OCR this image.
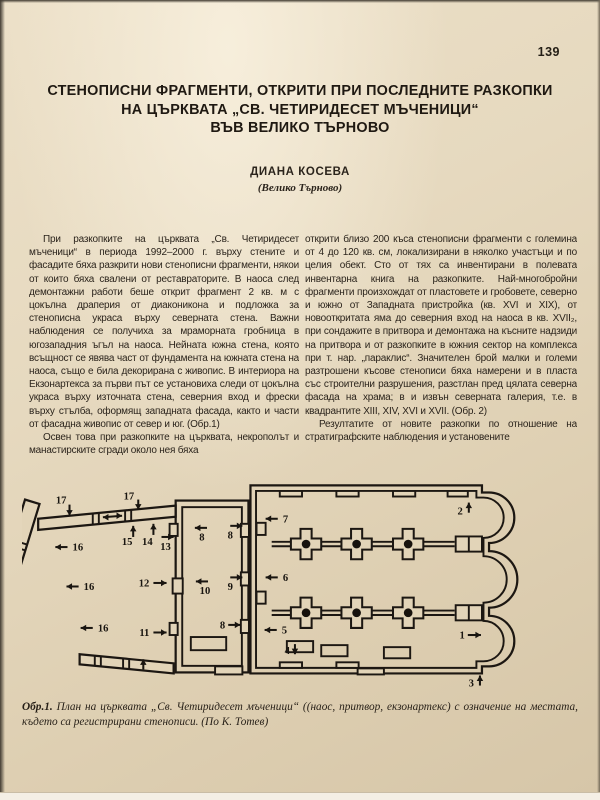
139
СТЕНОПИСНИ ФРАГМЕНТИ, ОТКРИТИ ПРИ ПОСЛЕДНИТЕ РАЗКОПКИ
НА ЦЪРКВАТА „СВ. ЧЕТИРИДЕСЕТ МЪЧЕНИЦИ“
ВЪВ ВЕЛИКО ТЪРНОВО
ДИАНА КОСЕВА
(Велико Търново)

При разкопките на църквата „Св. Четиридесет мъченици“ в периода 1992–2000 г. върху стените и фасадите бяха разкрити нови стенописни фрагменти, някои от които бяха свалени от реставраторите. В наоса след демонтажни работи беше открит фрагмент 2 кв. м с цокълна драперия от диаконикона и подложка за стенописна украса върху северната стена. Важни наблюдения се получиха за мраморната гробница в югозападния ъгъл на наоса. Нейната южна стена, която всъщност се явява част от фундамента на южната стена на наоса, също е била декорирана с живопис. В интериора на Екзонартекса за първи път се установиха следи от цокълна украса върху източната стена, северния вход и фрески върху стълба, оформящ западната фасада, както и части от фасадна живопис от север и юг. (Обр.1)

Освен това при разкопките на църквата, некрополът и манастирските сгради около нея бяха

открити близо 200 къса стенописни фрагменти с големина от 4 до 120 кв. см, локализирани в няколко участъци и по целия обект. Сто от тях са инвентирани в полевата инвентарна книга на разкопките. Най-многобройни фрагменти произхождат от пластовете и гробовете, северно и южно от Западната пристройка (кв. XVI и XIX), от новооткритата яма до северния вход на наоса в кв. XVII₂, при сондажите в притвора и демонтажа на късните надзиди на притвора и от разкопките в южния сектор на комплекса при т. нар. „параклис“. Значителен брой малки и големи разтрошени късове стенописи бяха намерени и в пласта със строителни разрушения, разстлан пред цялата северна фасада на храма; в и извън северната галерия, т.е. в квадрантите XIII, XIV, XVI и XVII. (Обр. 2)

Резултатите от новите разкопки по отношение на стратиграфските наблюдения и установените

17	17
15 14 13
16
16
16
12
11
8
10
8
9
8
7
6
5
4
2
1
3
Обр.1. План на църквата „Св. Четиридесет мъченици“ ((наос, притвор, екзонартекс) с означение на местата, където са регистрирани стенописи. (По К. Тотев)
